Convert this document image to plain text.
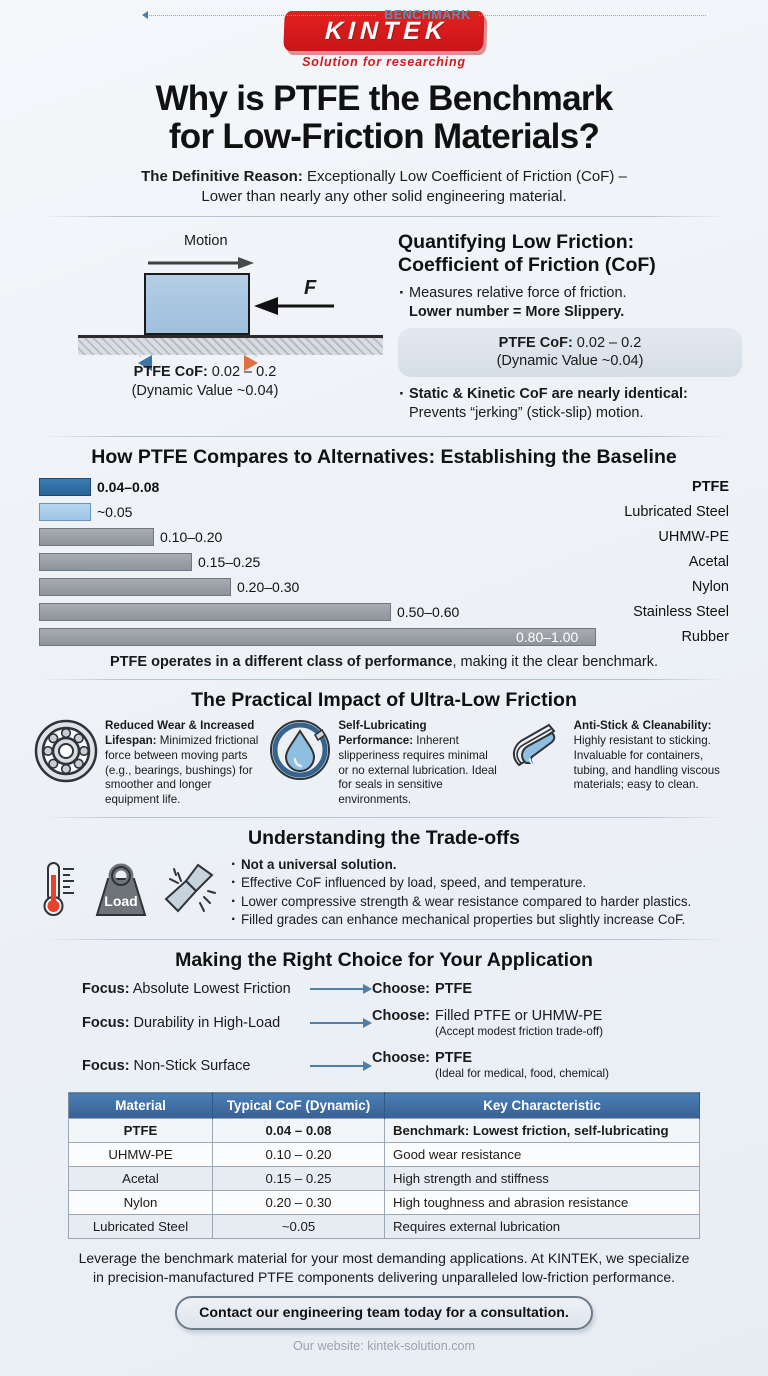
KINTEK
Solution for researching
Why is PTFE the Benchmark
for Low-Friction Materials?
The Definitive Reason: Exceptionally Low Coefficient of Friction (CoF) –
Lower than nearly any other solid engineering material.
Motion
F
PTFE CoF: 0.02 – 0.2
(Dynamic Value ~0.04)
Quantifying Low Friction:
Coefficient of Friction (CoF)
· Measures relative force of friction.
Lower number = More Slippery.
PTFE CoF: 0.02 – 0.2
(Dynamic Value ~0.04)
· Static & Kinetic CoF are nearly identical:
Prevents “jerking” (stick-slip) motion.
How PTFE Compares to Alternatives: Establishing the Baseline
BENCHMARK
0.04–0.08	PTFE
~0.05	Lubricated Steel
0.10–0.20	UHMW-PE
0.15–0.25	Acetal
0.20–0.30	Nylon
0.50–0.60	Stainless Steel
0.80–1.00	Rubber
PTFE operates in a different class of performance, making it the clear benchmark.
The Practical Impact of Ultra-Low Friction
Reduced Wear & Increased Lifespan: Minimized frictional force between moving parts (e.g., bearings, bushings) for smoother and longer equipment life.
Self-Lubricating Performance: Inherent slipperiness requires minimal or no external lubrication. Ideal for seals in sensitive environments.
Anti-Stick & Cleanability: Highly resistant to sticking. Invaluable for containers, tubing, and handling viscous materials; easy to clean.
Understanding the Trade-offs
Load
· Not a universal solution.
· Effective CoF influenced by load, speed, and temperature.
· Lower compressive strength & wear resistance compared to harder plastics.
· Filled grades can enhance mechanical properties but slightly increase CoF.
Making the Right Choice for Your Application
Focus: Absolute Lowest Friction	Choose: PTFE
Focus: Durability in High-Load	Choose: Filled PTFE or UHMW-PE
(Accept modest friction trade-off)
Focus: Non-Stick Surface	Choose: PTFE
(Ideal for medical, food, chemical)
Material	Typical CoF (Dynamic)	Key Characteristic
PTFE	0.04 – 0.08	Benchmark: Lowest friction, self-lubricating
UHMW-PE	0.10 – 0.20	Good wear resistance
Acetal	0.15 – 0.25	High strength and stiffness
Nylon	0.20 – 0.30	High toughness and abrasion resistance
Lubricated Steel	~0.05	Requires external lubrication
Leverage the benchmark material for your most demanding applications. At KINTEK, we specialize
in precision-manufactured PTFE components delivering unparalleled low-friction performance.
Contact our engineering team today for a consultation.
Our website: kintek-solution.com
